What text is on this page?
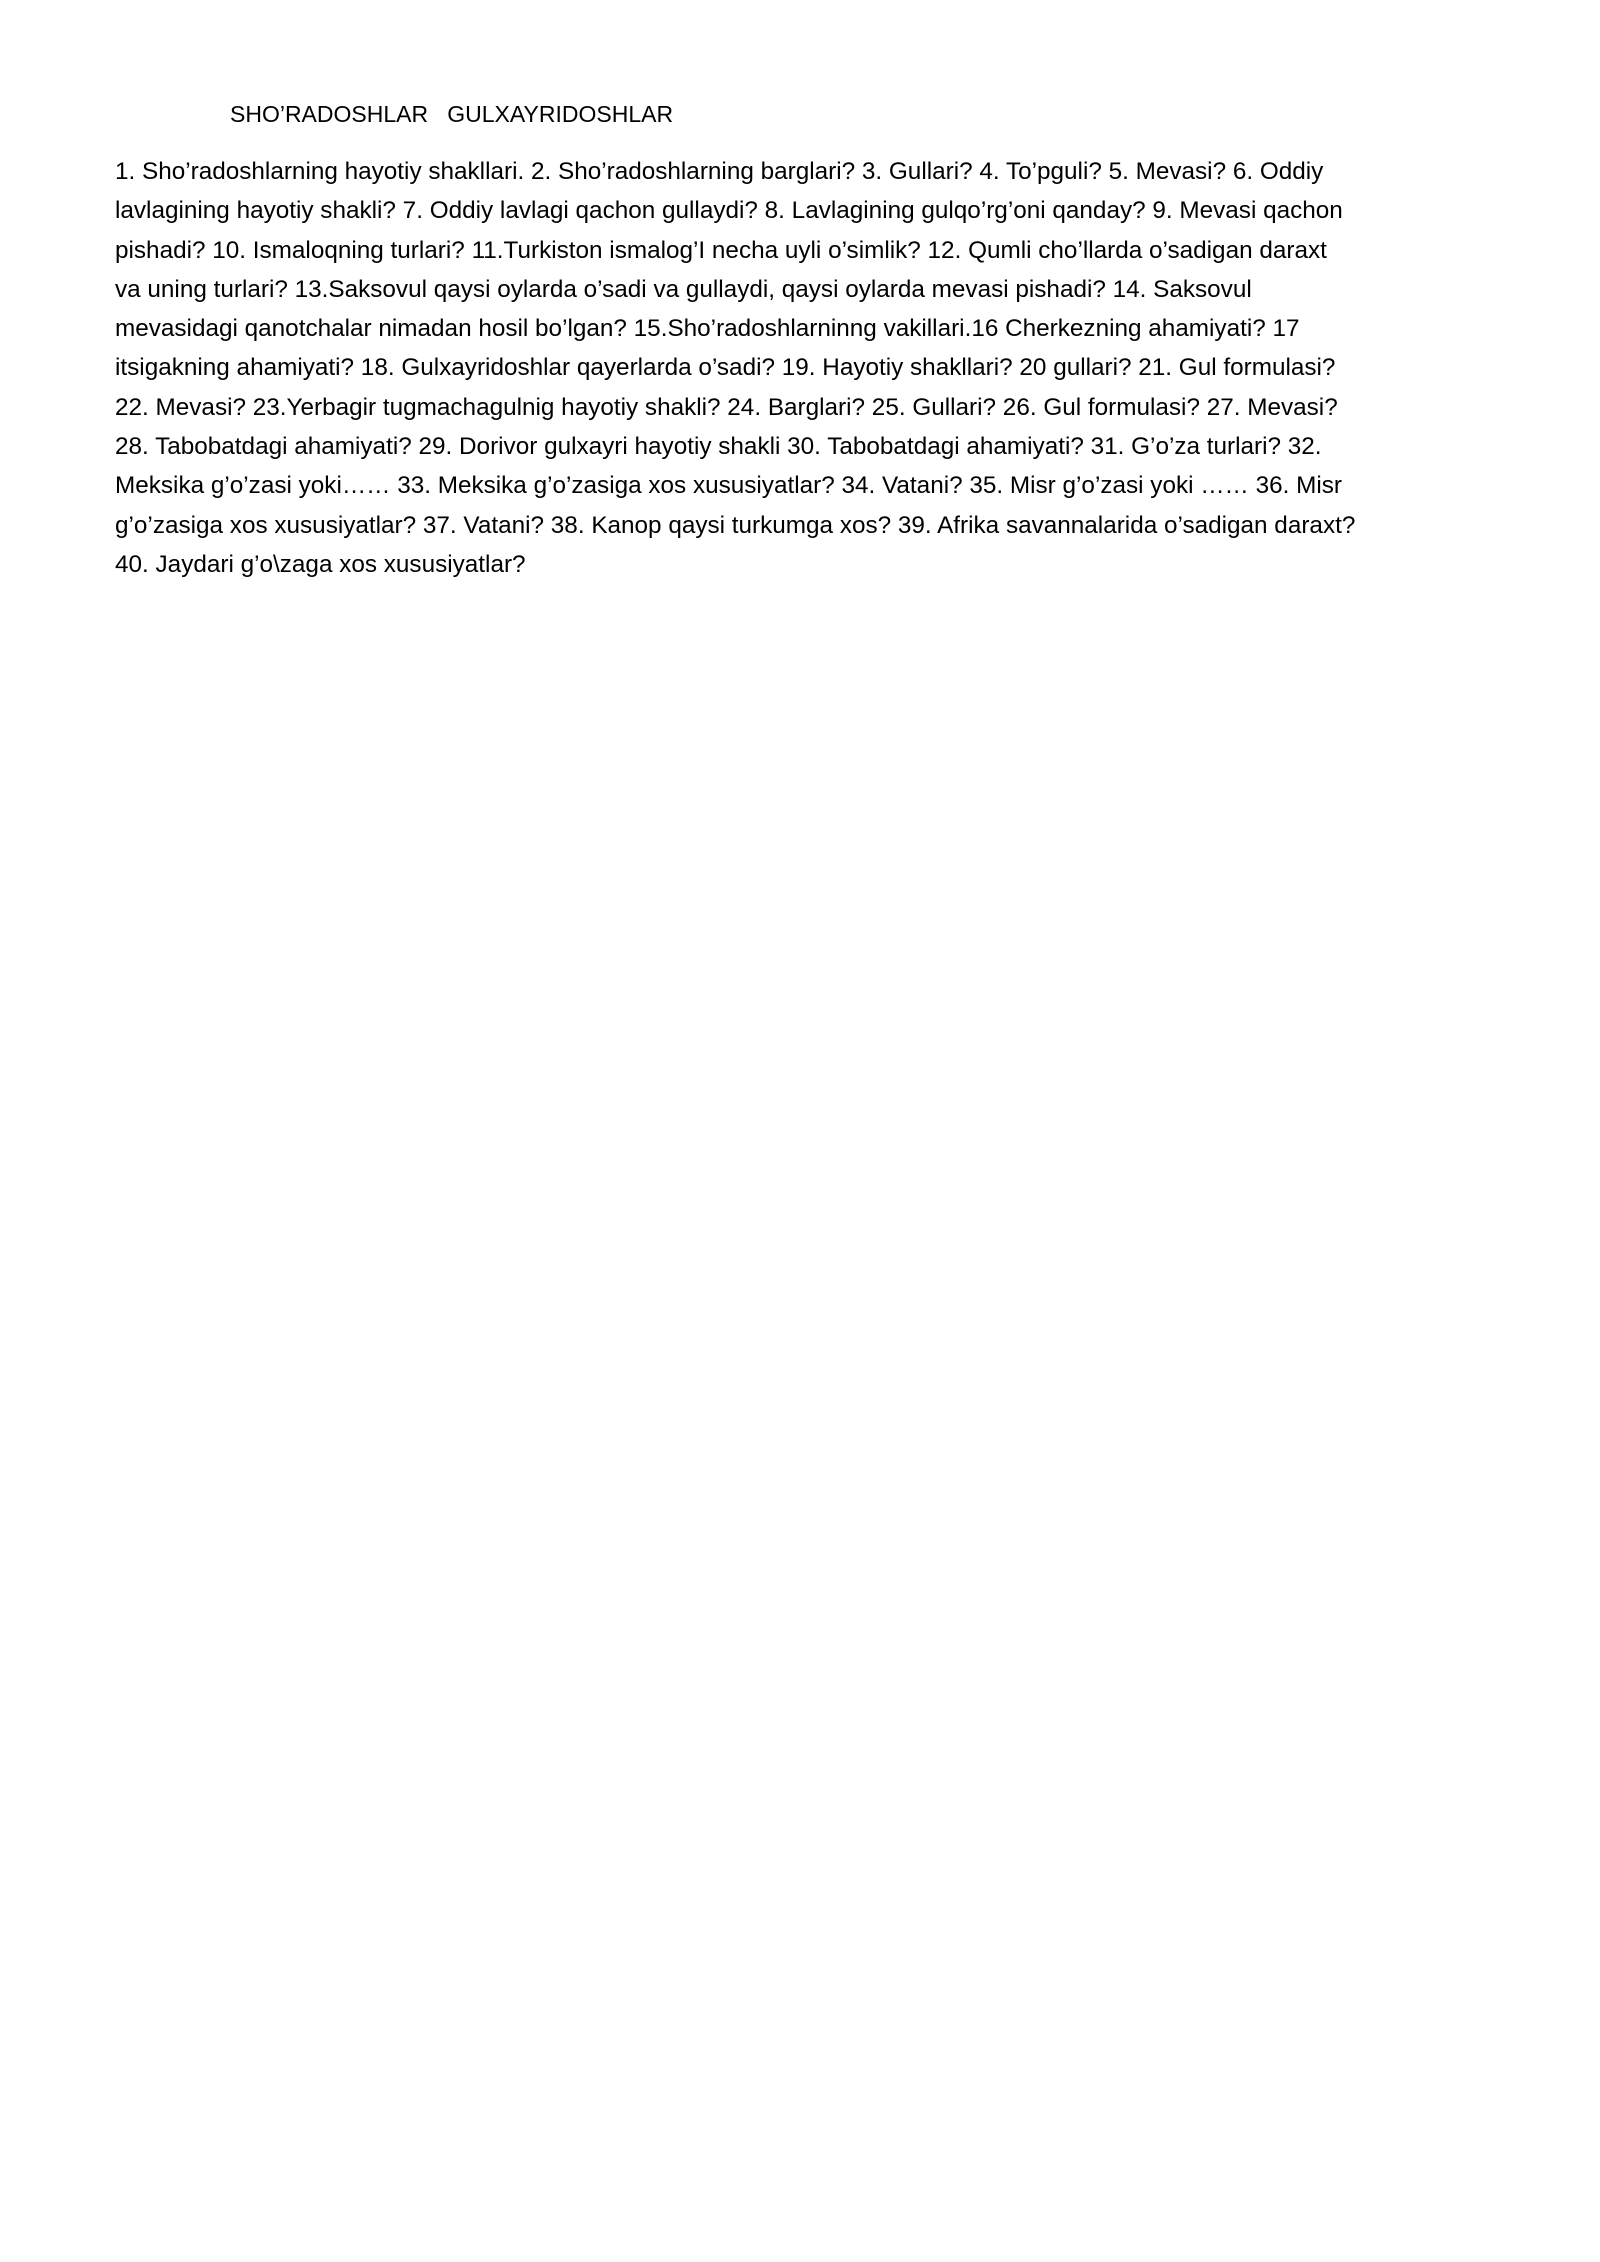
SHO’RADOSHLAR   GULXAYRIDOSHLAR

1. Sho’radoshlarning hayotiy shakllari. 2. Sho’radoshlarning barglari? 3. Gullari? 4. To’pguli? 5. Mevasi? 6. Oddiy
lavlagining hayotiy shakli? 7. Oddiy lavlagi qachon gullaydi? 8. Lavlagining gulqo’rg’oni qanday? 9. Mevasi qachon
pishadi? 10. Ismaloqning turlari? 11.Turkiston ismalog’I necha uyli o’simlik? 12. Qumli cho’llarda o’sadigan daraxt
va uning turlari? 13.Saksovul qaysi oylarda o’sadi va gullaydi, qaysi oylarda mevasi pishadi? 14. Saksovul
mevasidagi qanotchalar nimadan hosil bo’lgan? 15.Sho’radoshlarninng vakillari.16 Cherkezning ahamiyati? 17
itsigakning ahamiyati? 18. Gulxayridoshlar qayerlarda o’sadi? 19. Hayotiy shakllari? 20 gullari? 21. Gul formulasi?
22. Mevasi? 23.Yerbagir tugmachagulnig hayotiy shakli? 24. Barglari? 25. Gullari? 26. Gul formulasi? 27. Mevasi?
28. Tabobatdagi ahamiyati? 29. Dorivor gulxayri hayotiy shakli 30. Tabobatdagi ahamiyati? 31. G’o’za turlari? 32.
Meksika g’o’zasi yoki…… 33. Meksika g’o’zasiga xos xususiyatlar? 34. Vatani? 35. Misr g’o’zasi yoki …… 36. Misr
g’o’zasiga xos xususiyatlar? 37. Vatani? 38. Kanop qaysi turkumga xos? 39. Afrika savannalarida o’sadigan daraxt?
40. Jaydari g’o\zaga xos xususiyatlar?
